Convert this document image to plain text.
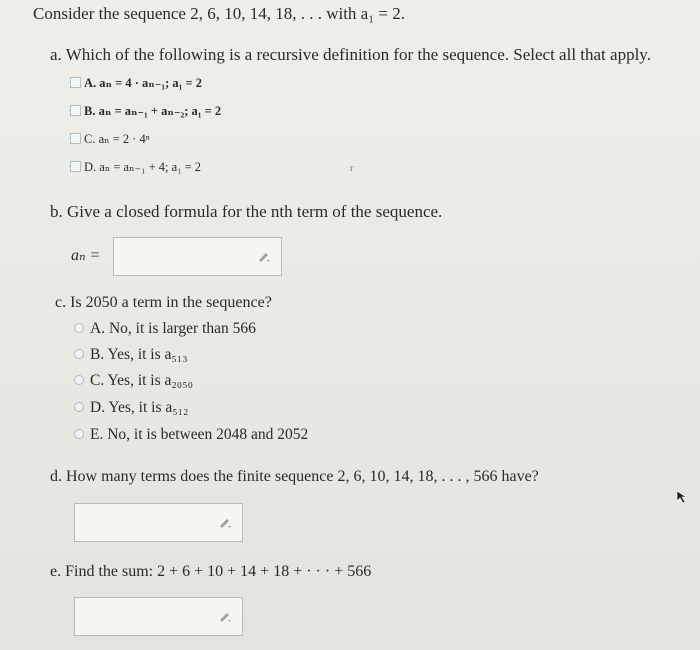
Consider the sequence 2, 6, 10, 14, 18, . . . with a₁ = 2.
a. Which of the following is a recursive definition for the sequence. Select all that apply.
A. aₙ = 4 · aₙ₋₁; a₁ = 2
B. aₙ = aₙ₋₁ + aₙ₋₂; a₁ = 2
C. aₙ = 2 · 4ⁿ
D. aₙ = aₙ₋₁ + 4; a₁ = 2	r
b. Give a closed formula for the nth term of the sequence.
aₙ =
c. Is 2050 a term in the sequence?
A. No, it is larger than 566
B. Yes, it is a₅₁₃
C. Yes, it is a₂₀₅₀
D. Yes, it is a₅₁₂
E. No, it is between 2048 and 2052
d. How many terms does the finite sequence 2, 6, 10, 14, 18, . . . , 566 have?
e. Find the sum: 2 + 6 + 10 + 14 + 18 + · · · + 566
